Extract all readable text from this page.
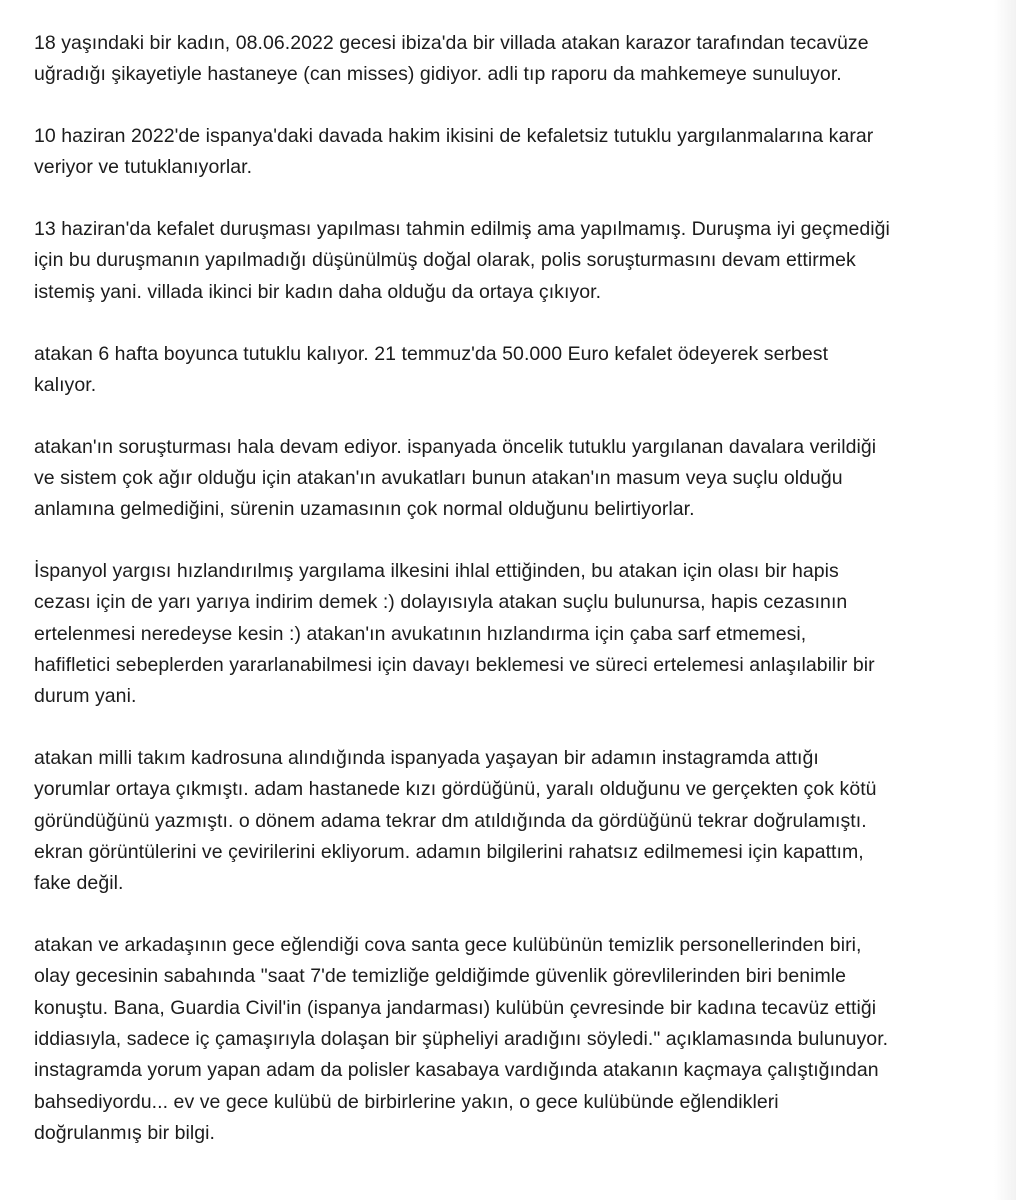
18 yaşındaki bir kadın, 08.06.2022 gecesi ibiza'da bir villada atakan karazor tarafından tecavüze
uğradığı şikayetiyle hastaneye (can misses) gidiyor. adli tıp raporu da mahkemeye sunuluyor.

10 haziran 2022'de ispanya'daki davada hakim ikisini de kefaletsiz tutuklu yargılanmalarına karar
veriyor ve tutuklanıyorlar.

13 haziran'da kefalet duruşması yapılması tahmin edilmiş ama yapılmamış. Duruşma iyi geçmediği
için bu duruşmanın yapılmadığı düşünülmüş doğal olarak, polis soruşturmasını devam ettirmek
istemiş yani. villada ikinci bir kadın daha olduğu da ortaya çıkıyor.

atakan 6 hafta boyunca tutuklu kalıyor. 21 temmuz'da 50.000 Euro kefalet ödeyerek serbest
kalıyor.

atakan'ın soruşturması hala devam ediyor. ispanyada öncelik tutuklu yargılanan davalara verildiği
ve sistem çok ağır olduğu için atakan'ın avukatları bunun atakan'ın masum veya suçlu olduğu
anlamına gelmediğini, sürenin uzamasının çok normal olduğunu belirtiyorlar.

İspanyol yargısı hızlandırılmış yargılama ilkesini ihlal ettiğinden, bu atakan için olası bir hapis
cezası için de yarı yarıya indirim demek :) dolayısıyla atakan suçlu bulunursa, hapis cezasının
ertelenmesi neredeyse kesin :) atakan'ın avukatının hızlandırma için çaba sarf etmemesi,
hafifletici sebeplerden yararlanabilmesi için davayı beklemesi ve süreci ertelemesi anlaşılabilir bir
durum yani.

atakan milli takım kadrosuna alındığında ispanyada yaşayan bir adamın instagramda attığı
yorumlar ortaya çıkmıştı. adam hastanede kızı gördüğünü, yaralı olduğunu ve gerçekten çok kötü
göründüğünü yazmıştı. o dönem adama tekrar dm atıldığında da gördüğünü tekrar doğrulamıştı.
ekran görüntülerini ve çevirilerini ekliyorum. adamın bilgilerini rahatsız edilmemesi için kapattım,
fake değil.

atakan ve arkadaşının gece eğlendiği cova santa gece kulübünün temizlik personellerinden biri,
olay gecesinin sabahında "saat 7'de temizliğe geldiğimde güvenlik görevlilerinden biri benimle
konuştu. Bana, Guardia Civil'in (ispanya jandarması) kulübün çevresinde bir kadına tecavüz ettiği
iddiasıyla, sadece iç çamaşırıyla dolaşan bir şüpheliyi aradığını söyledi." açıklamasında bulunuyor.
instagramda yorum yapan adam da polisler kasabaya vardığında atakanın kaçmaya çalıştığından
bahsediyordu... ev ve gece kulübü de birbirlerine yakın, o gece kulübünde eğlendikleri
doğrulanmış bir bilgi.
